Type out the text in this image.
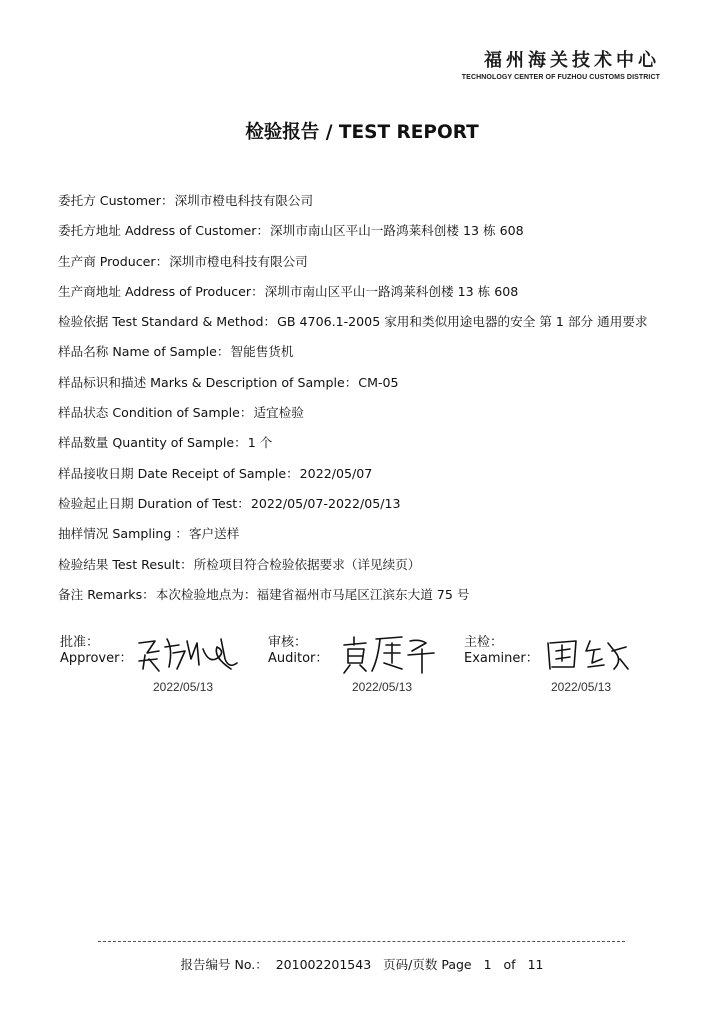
福州海关技术中心
TECHNOLOGY CENTER OF FUZHOU CUSTOMS DISTRICT
检验报告 / TEST REPORT
委托方 Customer：深圳市橙电科技有限公司
委托方地址 Address of Customer：深圳市南山区平山一路鸿莱科创楼 13 栋 608
生产商 Producer：深圳市橙电科技有限公司
生产商地址 Address of Producer：深圳市南山区平山一路鸿莱科创楼 13 栋 608
检验依据 Test Standard & Method：GB 4706.1-2005 家用和类似用途电器的安全 第 1 部分 通用要求
样品名称 Name of Sample：智能售货机
样品标识和描述 Marks & Description of Sample：CM-05
样品状态 Condition of Sample：适宜检验
样品数量 Quantity of Sample：1 个
样品接收日期 Date Receipt of Sample：2022/05/07
检验起止日期 Duration of Test：2022/05/07-2022/05/13
抽样情况 Sampling ：客户送样
检验结果 Test Result：所检项目符合检验依据要求（详见续页）
备注 Remarks：本次检验地点为：福建省福州市马尾区江滨东大道 75 号
批准：
Approver：
2022/05/13
审核：
Auditor：
2022/05/13
主检：
Examiner：
2022/05/13
报告编号 No.： 201002201543 页码/页数 Page 1 of 11
